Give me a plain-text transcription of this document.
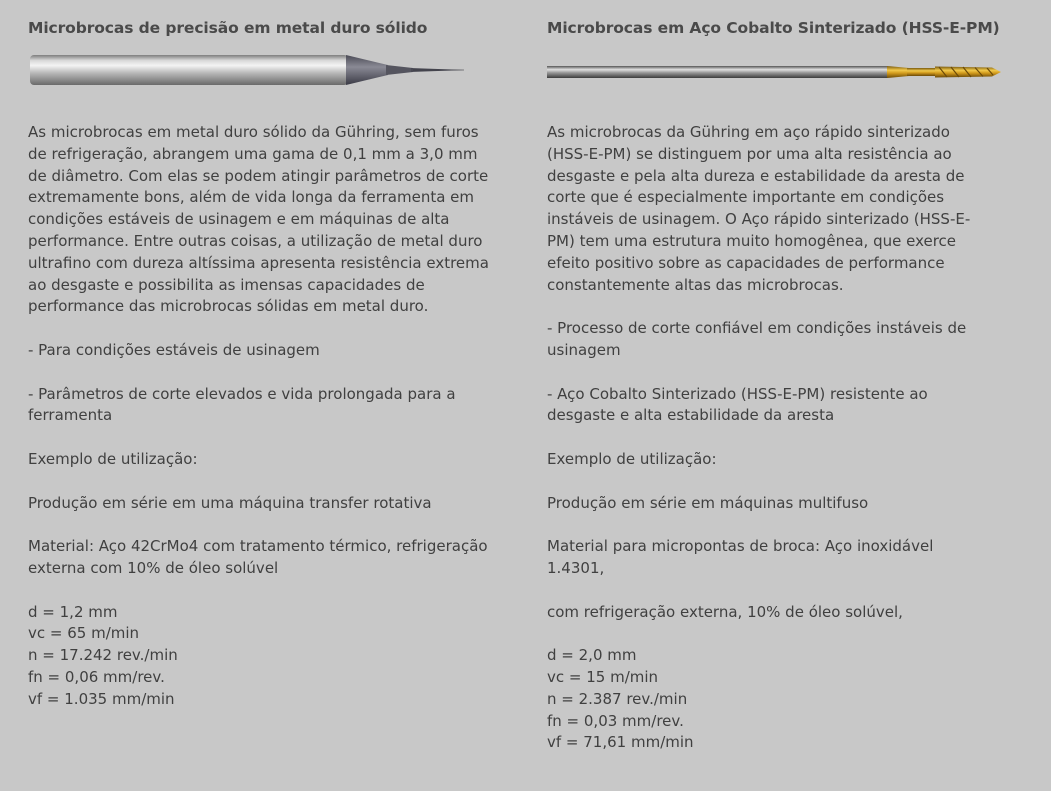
Microbrocas de precisão em metal duro sólido

As microbrocas em metal duro sólido da Gühring, sem furos de refrigeração, abrangem uma gama de 0,1 mm a 3,0 mm de diâmetro. Com elas se podem atingir parâmetros de corte extremamente bons, além de vida longa da ferramenta em condições estáveis de usinagem e em máquinas de alta performance. Entre outras coisas, a utilização de metal duro ultrafino com dureza altíssima apresenta resistência extrema ao desgaste e possibilita as imensas capacidades de performance das microbrocas sólidas em metal duro.

- Para condições estáveis de usinagem

- Parâmetros de corte elevados e vida prolongada para a ferramenta

Exemplo de utilização:

Produção em série em uma máquina transfer rotativa

Material: Aço 42CrMo4 com tratamento térmico, refrigeração externa com 10% de óleo solúvel

d = 1,2 mm
vc = 65 m/min
n = 17.242 rev./min
fn = 0,06 mm/rev.
vf = 1.035 mm/min

Microbrocas em Aço Cobalto Sinterizado (HSS-E-PM)

As microbrocas da Gühring em aço rápido sinterizado (HSS-E-PM) se distinguem por uma alta resistência ao desgaste e pela alta dureza e estabilidade da aresta de corte que é especialmente importante em condições instáveis de usinagem. O Aço rápido sinterizado (HSS-E-PM) tem uma estrutura muito homogênea, que exerce efeito positivo sobre as capacidades de performance constantemente altas das microbrocas.

- Processo de corte confiável em condições instáveis de usinagem

- Aço Cobalto Sinterizado (HSS-E-PM) resistente ao desgaste e alta estabilidade da aresta

Exemplo de utilização:

Produção em série em máquinas multifuso

Material para micropontas de broca: Aço inoxidável 1.4301,

com refrigeração externa, 10% de óleo solúvel,

d = 2,0 mm
vc = 15 m/min
n = 2.387 rev./min
fn = 0,03 mm/rev.
vf = 71,61 mm/min
